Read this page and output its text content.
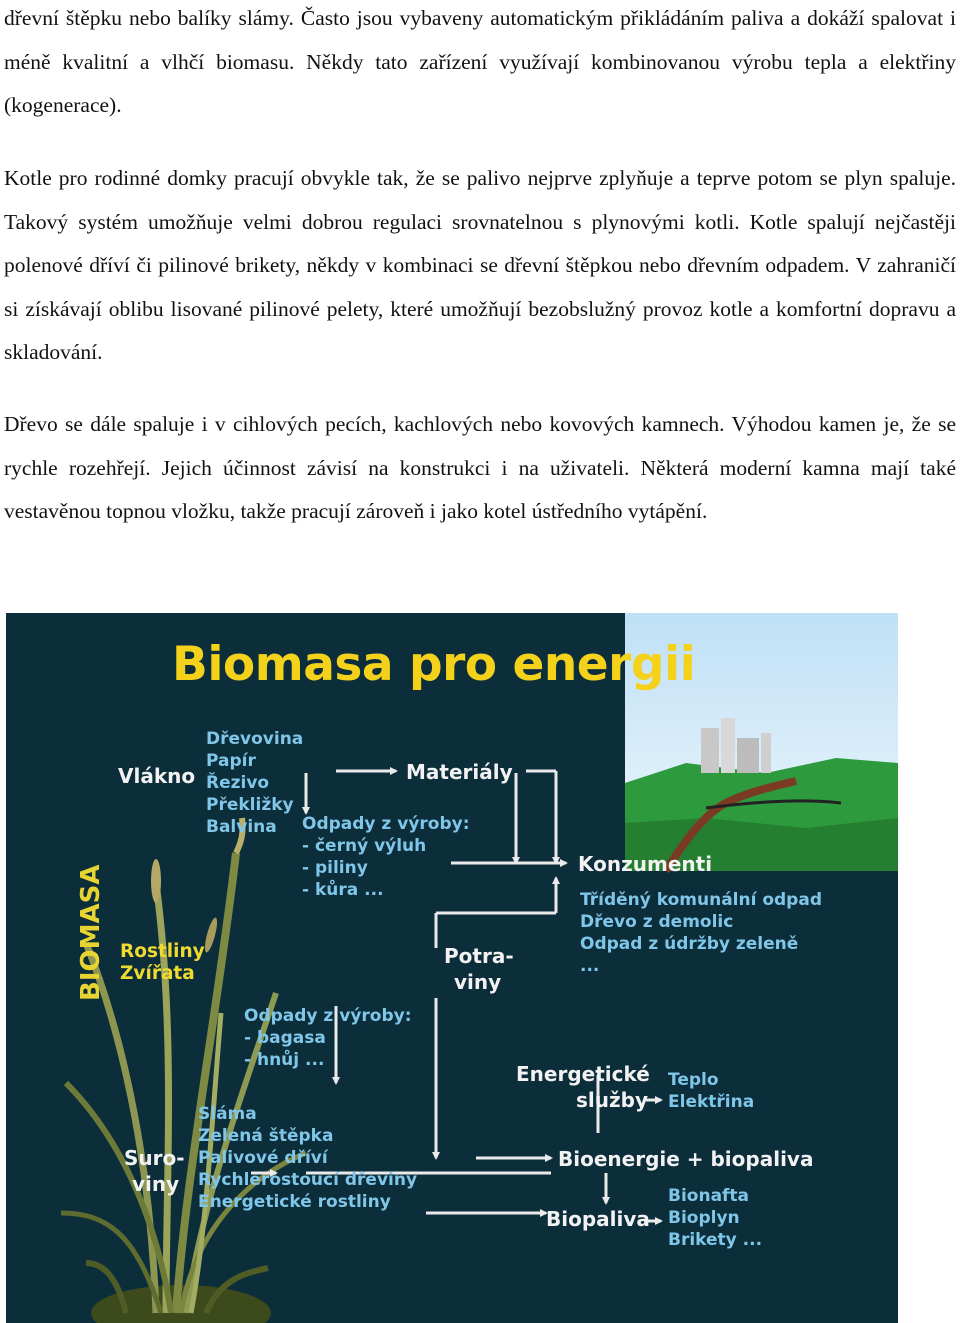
dřevní štěpku nebo balíky slámy. Často jsou vybaveny automatickým přikládáním paliva a dokáží spalovat i méně kvalitní a vlhčí biomasu. Někdy tato zařízení využívají kombinovanou výrobu tepla a elektřiny (kogenerace).

Kotle pro rodinné domky pracují obvykle tak, že se palivo nejprve zplyňuje a teprve potom se plyn spaluje. Takový systém umožňuje velmi dobrou regulaci srovnatelnou s plynovými kotli. Kotle spalují nejčastěji polenové dříví či pilinové brikety, někdy v kombinaci se dřevní štěpkou nebo dřevním odpadem. V zahraničí si získávají oblibu lisované pilinové pelety, které umožňují bezobslužný provoz kotle a komfortní dopravu a skladování.

Dřevo se dále spaluje i v cihlových pecích, kachlových nebo kovových kamnech. Výhodou kamen je, že se rychle rozehřejí. Jejich účinnost závisí na konstrukci i na uživateli. Některá moderní kamna mají také vestavěnou topnou vložku, takže pracují zároveň i jako kotel ústředního vytápění.

Biomasa pro energii
BIOMASA
Vlákno
Dřevovina
Papír
Řezivo
Překližky
Balvina
Materiály
Odpady z výroby:
- černý výluh
- piliny
- kůra ...
Konzumenti
Tříděný komunální odpad
Dřevo z demolic
Odpad z údržby zeleně
...
Rostliny
Zvířata
Potra-
viny
Odpady z výroby:
- bagasa
- hnůj ...
Energetické
služby
Teplo
Elektřina
Sláma
Zelená štěpka
Palivové dříví
Rychlerostoucí dřeviny
Energetické rostliny
Suro-
viny
Bioenergie + biopaliva
Biopaliva
Bionafta
Bioplyn
Brikety ...
